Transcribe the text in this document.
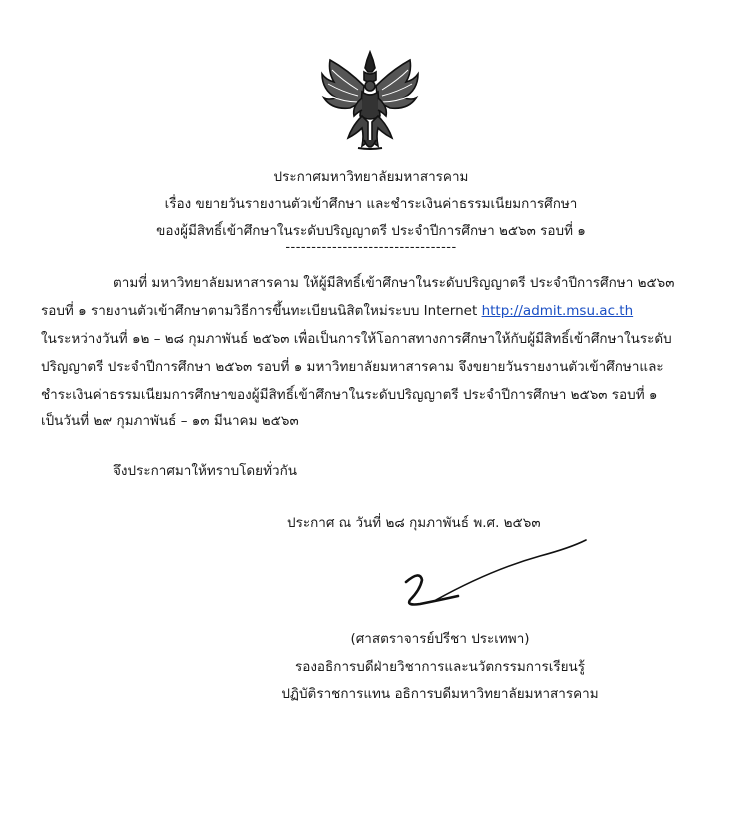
ประกาศมหาวิทยาลัยมหาสารคาม
เรื่อง ขยายวันรายงานตัวเข้าศึกษา และชำระเงินค่าธรรมเนียมการศึกษา
ของผู้มีสิทธิ์เข้าศึกษาในระดับปริญญาตรี ประจำปีการศึกษา ๒๕๖๓ รอบที่ ๑
---------------------------------
ตามที่ มหาวิทยาลัยมหาสารคาม ให้ผู้มีสิทธิ์เข้าศึกษาในระดับปริญญาตรี ประจำปีการศึกษา ๒๕๖๓
รอบที่ ๑ รายงานตัวเข้าศึกษาตามวิธีการขึ้นทะเบียนนิสิตใหม่ระบบ Internet http://admit.msu.ac.th
ในระหว่างวันที่ ๑๒ – ๒๘ กุมภาพันธ์ ๒๕๖๓ เพื่อเป็นการให้โอกาสทางการศึกษาให้กับผู้มีสิทธิ์เข้าศึกษาในระดับ
ปริญญาตรี ประจำปีการศึกษา ๒๕๖๓ รอบที่ ๑ มหาวิทยาลัยมหาสารคาม จึงขยายวันรายงานตัวเข้าศึกษาและ
ชำระเงินค่าธรรมเนียมการศึกษาของผู้มีสิทธิ์เข้าศึกษาในระดับปริญญาตรี ประจำปีการศึกษา ๒๕๖๓ รอบที่ ๑
เป็นวันที่ ๒๙ กุมภาพันธ์ – ๑๓ มีนาคม ๒๕๖๓
จึงประกาศมาให้ทราบโดยทั่วกัน
ประกาศ ณ วันที่ ๒๘ กุมภาพันธ์ พ.ศ. ๒๕๖๓
(ศาสตราจารย์ปรีชา ประเทพา)
รองอธิการบดีฝ่ายวิชาการและนวัตกรรมการเรียนรู้
ปฏิบัติราชการแทน อธิการบดีมหาวิทยาลัยมหาสารคาม
